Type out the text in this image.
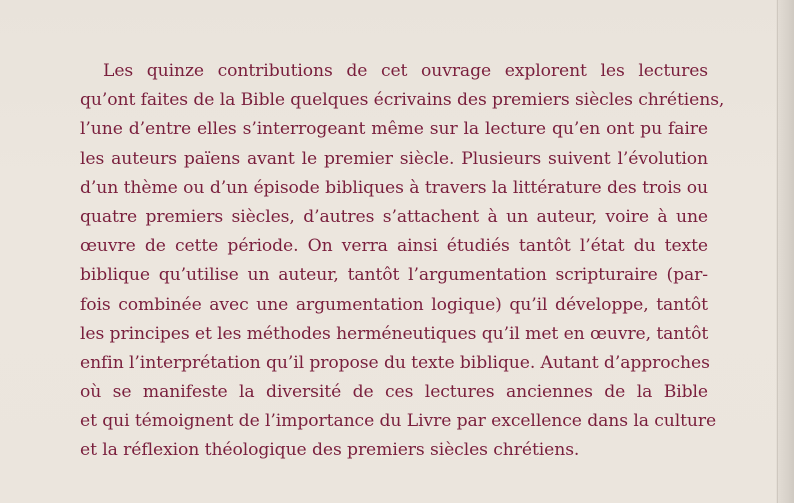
Les quinze contributions de cet ouvrage explorent les lectures
qu’ont faites de la Bible quelques écrivains des premiers siècles chrétiens,
l’une d’entre elles s’interrogeant même sur la lecture qu’en ont pu faire
les auteurs païens avant le premier siècle. Plusieurs suivent l’évolution
d’un thème ou d’un épisode bibliques à travers la littérature des trois ou
quatre premiers siècles, d’autres s’attachent à un auteur, voire à une
œuvre de cette période. On verra ainsi étudiés tantôt l’état du texte
biblique qu’utilise un auteur, tantôt l’argumentation scripturaire (par-
fois combinée avec une argumentation logique) qu’il développe, tantôt
les principes et les méthodes herméneutiques qu’il met en œuvre, tantôt
enfin l’interprétation qu’il propose du texte biblique. Autant d’approches
où se manifeste la diversité de ces lectures anciennes de la Bible
et qui témoignent de l’importance du Livre par excellence dans la culture
et la réflexion théologique des premiers siècles chrétiens.
